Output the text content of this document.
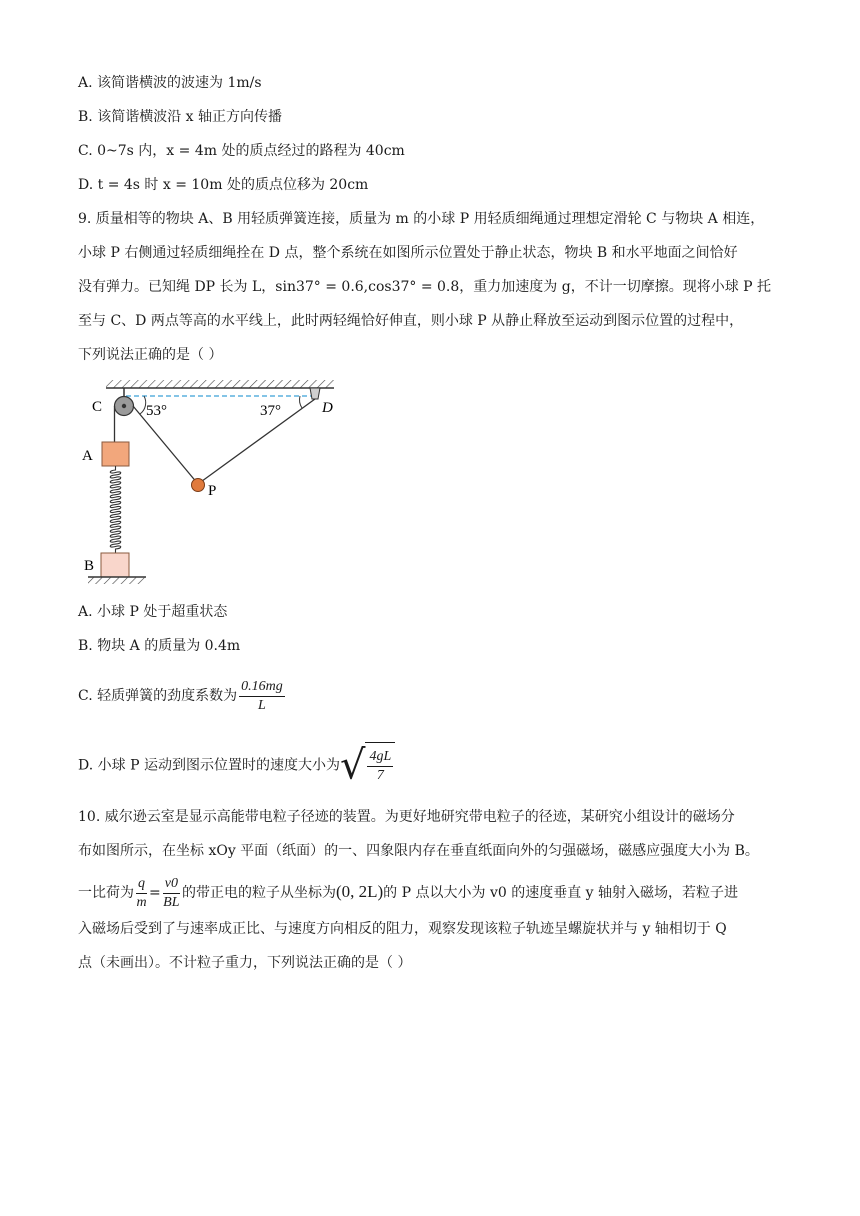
A. 该简谐横波的波速为 1m/s
B. 该简谐横波沿 x 轴正方向传播
C. 0~7s 内，x = 4m 处的质点经过的路程为 40cm
D. t = 4s 时 x = 10m 处的质点位移为 20cm
9. 质量相等的物块 A、B 用轻质弹簧连接，质量为 m 的小球 P 用轻质细绳通过理想定滑轮 C 与物块 A 相连，
小球 P 右侧通过轻质细绳拴在 D 点，整个系统在如图所示位置处于静止状态，物块 B 和水平地面之间恰好
没有弹力。已知绳 DP 长为 L，sin37° = 0.6,cos37° = 0.8，重力加速度为 g，不计一切摩擦。现将小球 P 托
至与 C、D 两点等高的水平线上，此时两轻绳恰好伸直，则小球 P 从静止释放至运动到图示位置的过程中，
下列说法正确的是（ ）
C	D
A
B
P
53°	37°
A. 小球 P 处于超重状态
B. 物块 A 的质量为 0.4m
C. 轻质弹簧的劲度系数为 $\frac{0.16mg}{L}$
D. 小球 P 运动到图示位置时的速度大小为√ $\frac{4gL}{7}$
10. 威尔逊云室是显示高能带电粒子径迹的装置。为更好地研究带电粒子的径迹，某研究小组设计的磁场分
布如图所示，在坐标 xOy 平面（纸面）的一、四象限内存在垂直纸面向外的匀强磁场，磁感应强度大小为 B。
一比荷为 $\frac{q}{m} = \frac{v0}{BL}$ 的带正电的粒子从坐标为(0, 2L)的 P 点以大小为 v0 的速度垂直 y 轴射入磁场，若粒子进
入磁场后受到了与速率成正比、与速度方向相反的阻力，观察发现该粒子轨迹呈螺旋状并与 y 轴相切于 Q
点（未画出）。不计粒子重力，下列说法正确的是（ ）
